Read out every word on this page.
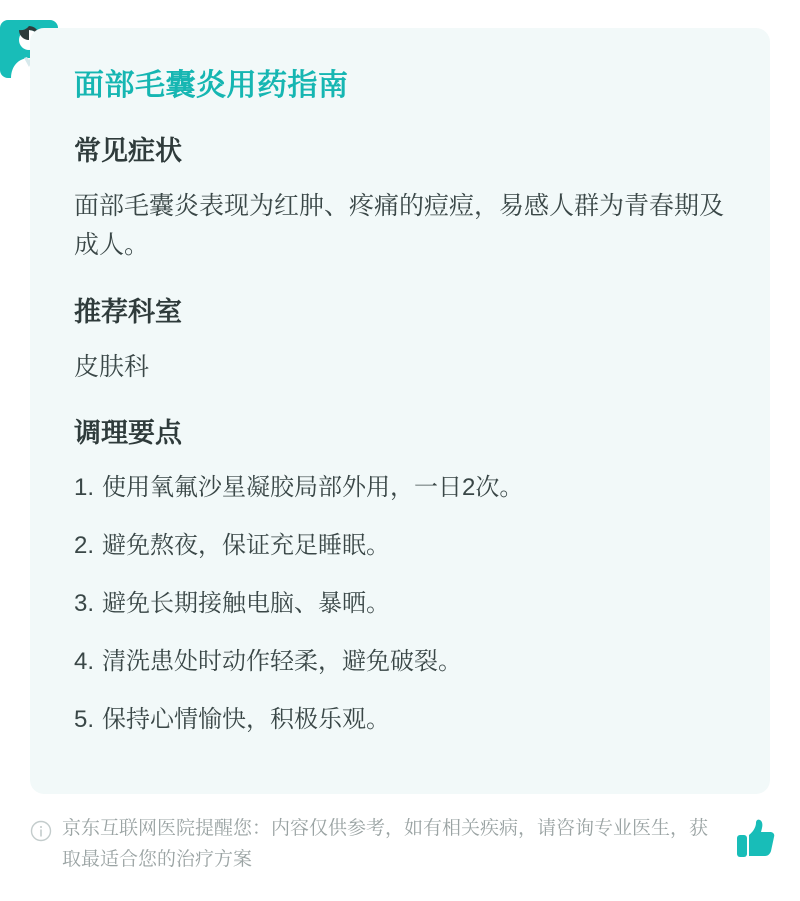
面部毛囊炎用药指南
常见症状

面部毛囊炎表现为红肿、疼痛的痘痘，易感人群为青春期及成人。

推荐科室

皮肤科

调理要点
1. 使用氧氟沙星凝胶局部外用，一日2次。
2. 避免熬夜，保证充足睡眠。
3. 避免长期接触电脑、暴晒。
4. 清洗患处时动作轻柔，避免破裂。
5. 保持心情愉快，积极乐观。
京东互联网医院提醒您：内容仅供参考，如有相关疾病，请咨询专业医生，获取最适合您的治疗方案
